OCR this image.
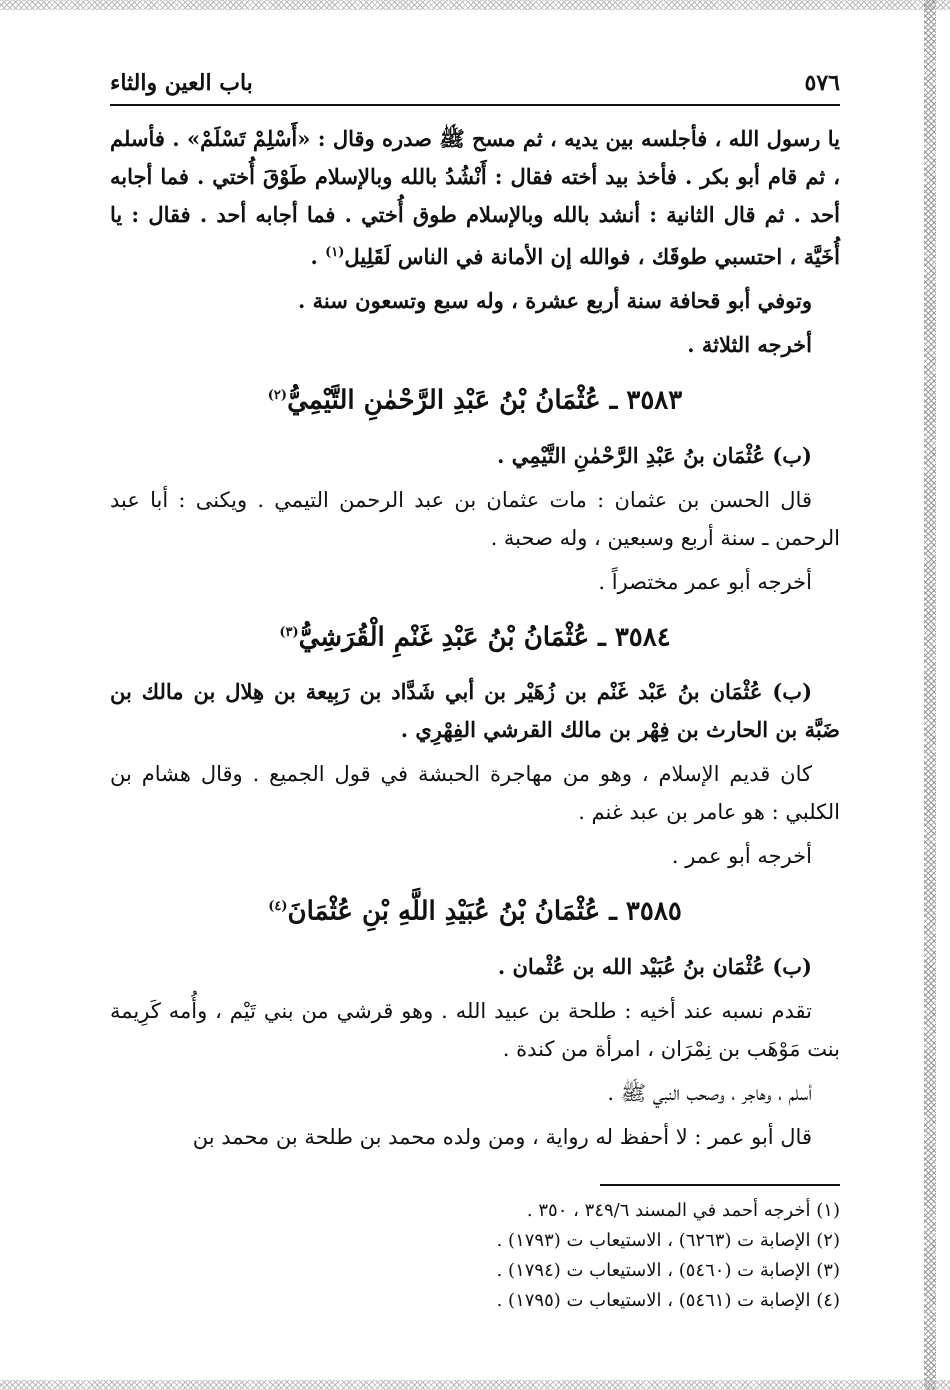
٥٧٦
باب العين والثاء

يا رسول الله ، فأجلسه بين يديه ، ثم مسح ﷺ صدره وقال : «أَسْلِمْ تَسْلَمْ» . فأسلم ، ثم قام أبو بكر . فأخذ بيد أخته فقال : أَنْشُدُ بالله وبالإسلام طَوْقَ أُختي . فما أجابه أحد . ثم قال الثانية : أنشد بالله وبالإسلام طوق أُختي . فما أجابه أحد . فقال : يا أُخَيَّة ، احتسبي طوقَك ، فوالله إن الأمانة في الناس لَقَلِيل$^{(١)}$ .

وتوفي أبو قحافة سنة أربع عشرة ، وله سبع وتسعون سنة .

أخرجه الثلاثة .

٣٥٨٣ ـ عُثْمَانُ بْنُ عَبْدِ الرَّحْمٰنِ التَّيْمِيُّ$^{(٢)}$

(ب) عُثْمَان بنُ عَبْدِ الرَّحْمٰنِ التَّيْمِي .

قال الحسن بن عثمان : مات عثمان بن عبد الرحمن التيمي . ويكنى : أبا عبد الرحمن ـ سنة أربع وسبعين ، وله صحبة .

أخرجه أبو عمر مختصراً .

٣٥٨٤ ـ عُثْمَانُ بْنُ عَبْدِ غَنْمِ الْقُرَشِيُّ$^{(٣)}$

(ب) عُثْمَان بنُ عَبْد غَنْم بن زُهَيْر بن أبي شَدَّاد بن رَبِيعة بن هِلال بن مالك بن ضَبَّة بن الحارث بن فِهْر بن مالك القرشي الفِهْرِي .

كان قديم الإسلام ، وهو من مهاجرة الحبشة في قول الجميع . وقال هشام بن الكلبي : هو عامر بن عبد غنم .

أخرجه أبو عمر .

٣٥٨٥ ـ عُثْمَانُ بْنُ عُبَيْدِ اللَّهِ بْنِ عُثْمَانَ$^{(٤)}$

(ب) عُثْمَان بنُ عُبَيْد الله بن عُثْمان .

تقدم نسبه عند أخيه : طلحة بن عبيد الله . وهو قرشي من بني تَيْم ، وأُمه كَرِيمة بنت مَوْهَب بن نِمْرَان ، امرأة من كندة .

أسلم ، وهاجر ، وصحب النبي ﷺ .

قال أبو عمر : لا أحفظ له رواية ، ومن ولده محمد بن طلحة بن محمد بن

(١) أخرجه أحمد في المسند ٣٤٩/٦ ، ٣٥٠ .
(٢) الإصابة ت (٦٢٦٣) ، الاستيعاب ت (١٧٩٣) .
(٣) الإصابة ت (٥٤٦٠) ، الاستيعاب ت (١٧٩٤) .
(٤) الإصابة ت (٥٤٦١) ، الاستيعاب ت (١٧٩٥) .
